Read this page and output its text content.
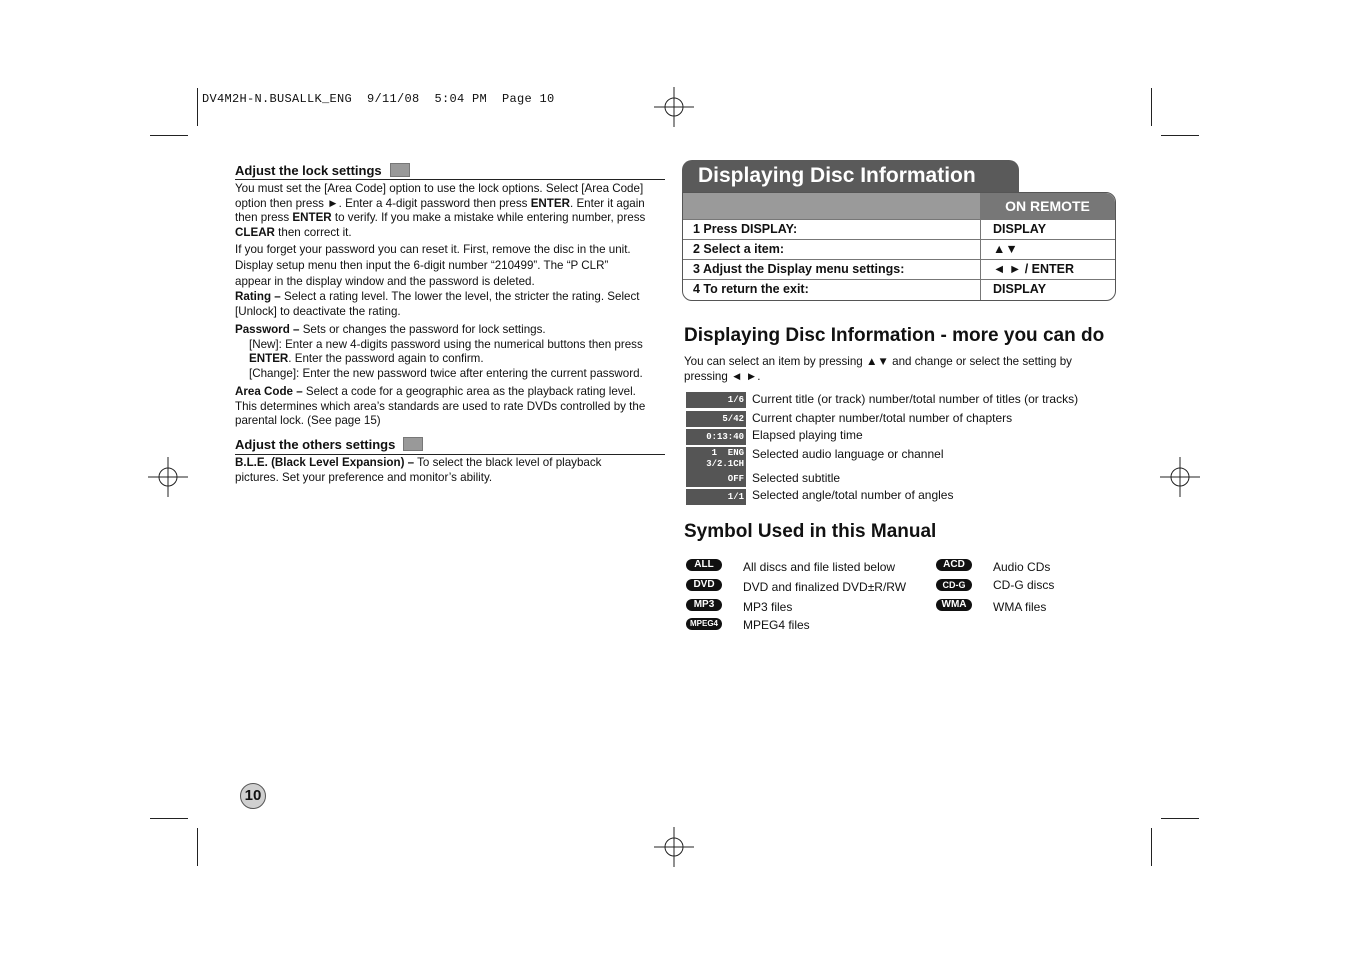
DV4M2H-N.BUSALLK_ENG  9/11/08  5:04 PM  Page 10
Adjust the lock settings
You must set the [Area Code] option to use the lock options. Select [Area Code]
option then press ►. Enter a 4-digit password then press ENTER. Enter it again
then press ENTER to verify. If you make a mistake while entering number, press
CLEAR then correct it.
If you forget your password you can reset it. First, remove the disc in the unit.
Display setup menu then input the 6-digit number “210499”. The “P CLR”
appear in the display window and the password is deleted.
Rating – Select a rating level. The lower the level, the stricter the rating. Select
[Unlock] to deactivate the rating.
Password – Sets or changes the password for lock settings.
[New]: Enter a new 4-digits password using the numerical buttons then press
ENTER. Enter the password again to confirm.
[Change]: Enter the new password twice after entering the current password.
Area Code – Select a code for a geographic area as the playback rating level.
This determines which area’s standards are used to rate DVDs controlled by the
parental lock. (See page 15)
Adjust the others settings
B.L.E. (Black Level Expansion) – To select the black level of playback
pictures. Set your preference and monitor’s ability.
Displaying Disc Information
ON REMOTE
1 Press DISPLAY:	DISPLAY
2 Select a item:	▲▼
3 Adjust the Display menu settings:	◄ ► / ENTER
4 To return the exit:	DISPLAY
Displaying Disc Information - more you can do
You can select an item by pressing ▲▼ and change or select the setting by
pressing ◄ ►.
1/6 Current title (or track) number/total number of titles (or tracks)
5/42 Current chapter number/total number of chapters
0:13:40 Elapsed playing time
1  ENG
3/2.1CH
Selected audio language or channel
OFF Selected subtitle
1/1 Selected angle/total number of angles
Symbol Used in this Manual
ALL	All discs and file listed below
DVD	DVD and finalized DVD±R/RW
MP3	MP3 files
MPEG4	MPEG4 files
ACD	Audio CDs
CD-G	CD-G discs
WMA	WMA files
10
